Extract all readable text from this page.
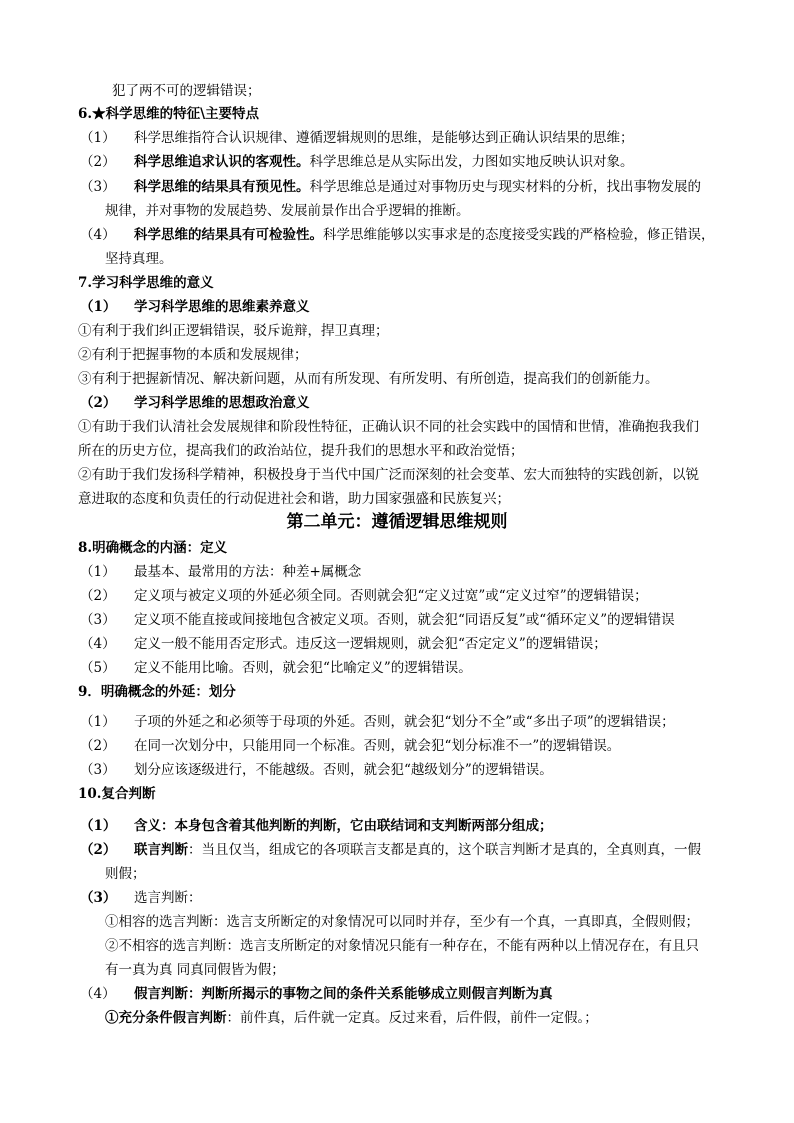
犯了两不可的逻辑错误；
6.★科学思维的特征\主要特点
（1） 科学思维指符合认识规律、遵循逻辑规则的思维，是能够达到正确认识结果的思维；
（2） 科学思维追求认识的客观性。科学思维总是从实际出发，力图如实地反映认识对象。
（3） 科学思维的结果具有预见性。科学思维总是通过对事物历史与现实材料的分析，找出事物发展的
规律，并对事物的发展趋势、发展前景作出合乎逻辑的推断。
（4） 科学思维的结果具有可检验性。科学思维能够以实事求是的态度接受实践的严格检验，修正错误，
坚持真理。
7.学习科学思维的意义
（1） 学习科学思维的思维素养意义
①有利于我们纠正逻辑错误，驳斥诡辩，捍卫真理；
②有利于把握事物的本质和发展规律；
③有利于把握新情况、解决新问题，从而有所发现、有所发明、有所创造，提高我们的创新能力。
（2） 学习科学思维的思想政治意义
①有助于我们认清社会发展规律和阶段性特征，正确认识不同的社会实践中的国情和世情，准确抱我我们
所在的历史方位，提高我们的政治站位，提升我们的思想水平和政治觉悟；
②有助于我们发扬科学精神，积极投身于当代中国广泛而深刻的社会变革、宏大而独特的实践创新，以锐
意进取的态度和负责任的行动促进社会和谐，助力国家强盛和民族复兴；
第二单元：遵循逻辑思维规则
8.明确概念的内涵：定义
（1） 最基本、最常用的方法：种差+属概念
（2） 定义项与被定义项的外延必须全同。否则就会犯“定义过宽”或“定义过窄”的逻辑错误；
（3） 定义项不能直接或间接地包含被定义项。否则，就会犯“同语反复”或“循环定义”的逻辑错误
（4） 定义一般不能用否定形式。违反这一逻辑规则，就会犯“否定定义”的逻辑错误；
（5） 定义不能用比喻。否则，就会犯“比喻定义”的逻辑错误。
9．明确概念的外延：划分
（1） 子项的外延之和必须等于母项的外延。否则，就会犯“划分不全”或“多出子项”的逻辑错误；
（2） 在同一次划分中，只能用同一个标准。否则，就会犯“划分标准不一”的逻辑错误。
（3） 划分应该逐级进行，不能越级。否则，就会犯“越级划分”的逻辑错误。
10.复合判断
（1） 含义：本身包含着其他判断的判断，它由联结词和支判断两部分组成；
（2） 联言判断：当且仅当，组成它的各项联言支都是真的，这个联言判断才是真的，全真则真，一假
则假；
（3） 选言判断：
①相容的选言判断：选言支所断定的对象情况可以同时并存，至少有一个真，一真即真，全假则假；
②不相容的选言判断：选言支所断定的对象情况只能有一种存在，不能有两种以上情况存在，有且只
有一真为真 同真同假皆为假；
（4） 假言判断：判断所揭示的事物之间的条件关系能够成立则假言判断为真
①充分条件假言判断：前件真，后件就一定真。反过来看，后件假，前件一定假。；
